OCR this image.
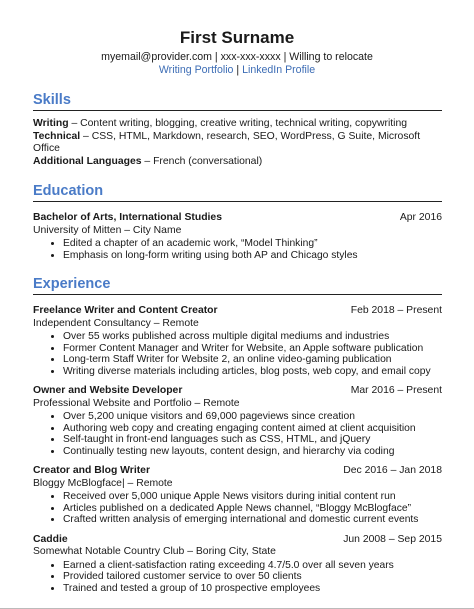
First Surname
myemail@provider.com | xxx-xxx-xxxx | Willing to relocate
Writing Portfolio | LinkedIn Profile
Skills
Writing – Content writing, blogging, creative writing, technical writing, copywriting
Technical – CSS, HTML, Markdown, research, SEO, WordPress, G Suite, Microsoft Office
Additional Languages – French (conversational)
Education
Bachelor of Arts, International Studies	Apr 2016
University of Mitten – City Name
• Edited a chapter of an academic work, “Model Thinking”
• Emphasis on long-form writing using both AP and Chicago styles
Experience
Freelance Writer and Content Creator	Feb 2018 – Present
Independent Consultancy – Remote
• Over 55 works published across multiple digital mediums and industries
• Former Content Manager and Writer for Website, an Apple software publication
• Long-term Staff Writer for Website 2, an online video-gaming publication
• Writing diverse materials including articles, blog posts, web copy, and email copy
Owner and Website Developer	Mar 2016 – Present
Professional Website and Portfolio – Remote
• Over 5,200 unique visitors and 69,000 pageviews since creation
• Authoring web copy and creating engaging content aimed at client acquisition
• Self-taught in front-end languages such as CSS, HTML, and jQuery
• Continually testing new layouts, content design, and hierarchy via coding
Creator and Blog Writer	Dec 2016 – Jan 2018
Bloggy McBlogface| – Remote
• Received over 5,000 unique Apple News visitors during initial content run
• Articles published on a dedicated Apple News channel, “Bloggy McBlogface”
• Crafted written analysis of emerging international and domestic current events
Caddie	Jun 2008 – Sep 2015
Somewhat Notable Country Club – Boring City, State
• Earned a client-satisfaction rating exceeding 4.7/5.0 over all seven years
• Provided tailored customer service to over 50 clients
• Trained and tested a group of 10 prospective employees
